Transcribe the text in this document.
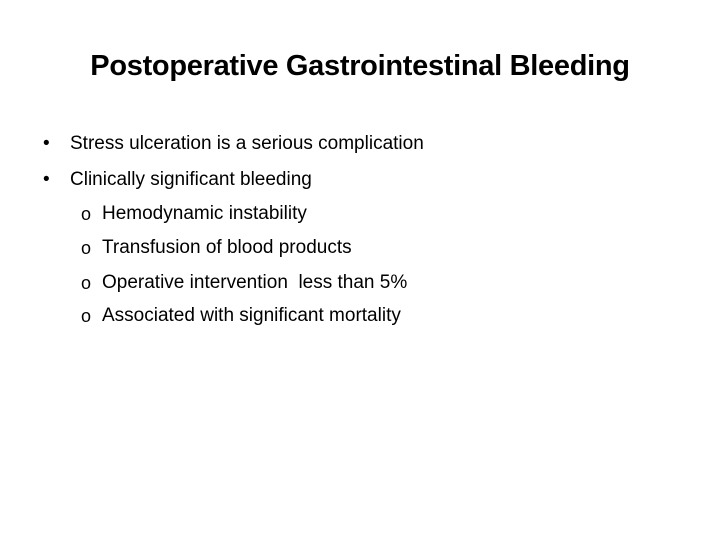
Postoperative Gastrointestinal Bleeding
• Stress ulceration is a serious complication
• Clinically significant bleeding
o Hemodynamic instability
o Transfusion of blood products
o Operative intervention  less than 5%
o Associated with significant mortality
